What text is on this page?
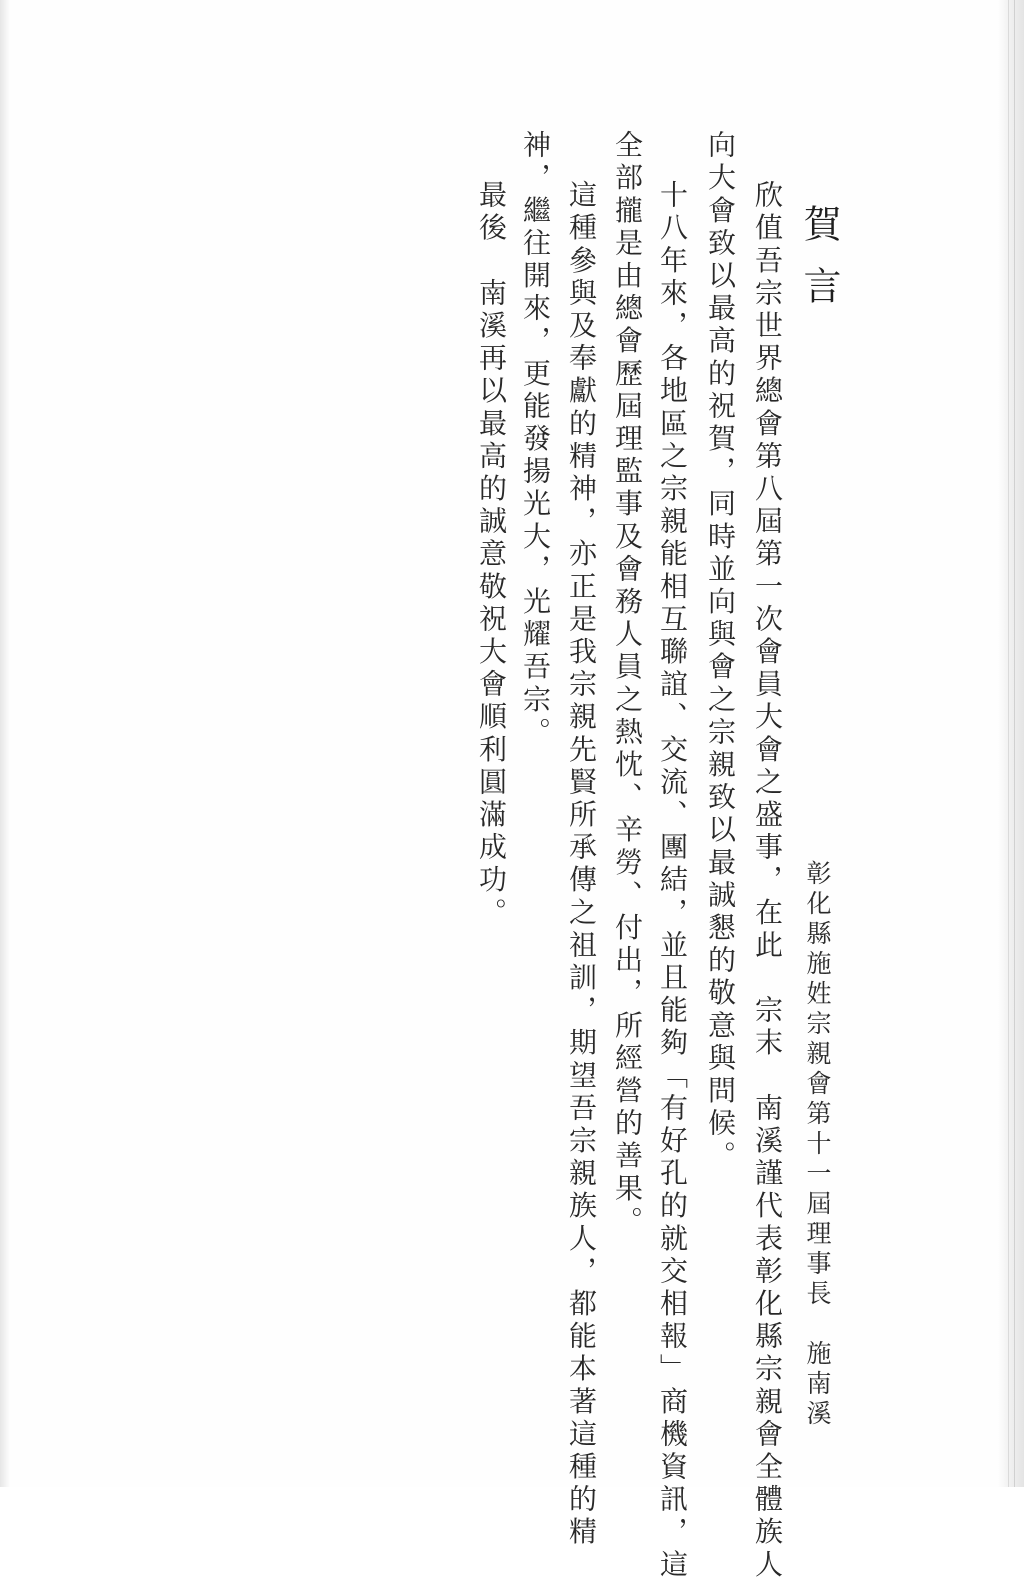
賀言
彰化縣施姓宗親會第十一屆理事長施南溪
欣值吾宗世界總會第八屆第一次會員大會之盛事，在此　宗末　南溪謹代表彰化縣宗親會全體族人
向大會致以最高的祝賀，同時並向與會之宗親致以最誠懇的敬意與問候。
十八年來，各地區之宗親能相互聯誼、交流、團結，並且能夠「有好孔的就交相報」商機資訊，這
全部攏是由總會歷屆理監事及會務人員之熱忱、辛勞、付出，所經營的善果。
這種參與及奉獻的精神，亦正是我宗親先賢所承傳之祖訓，期望吾宗親族人，都能本著這種的精
神，繼往開來，更能發揚光大，光耀吾宗。
最後　南溪再以最高的誠意敬祝大會順利圓滿成功。
